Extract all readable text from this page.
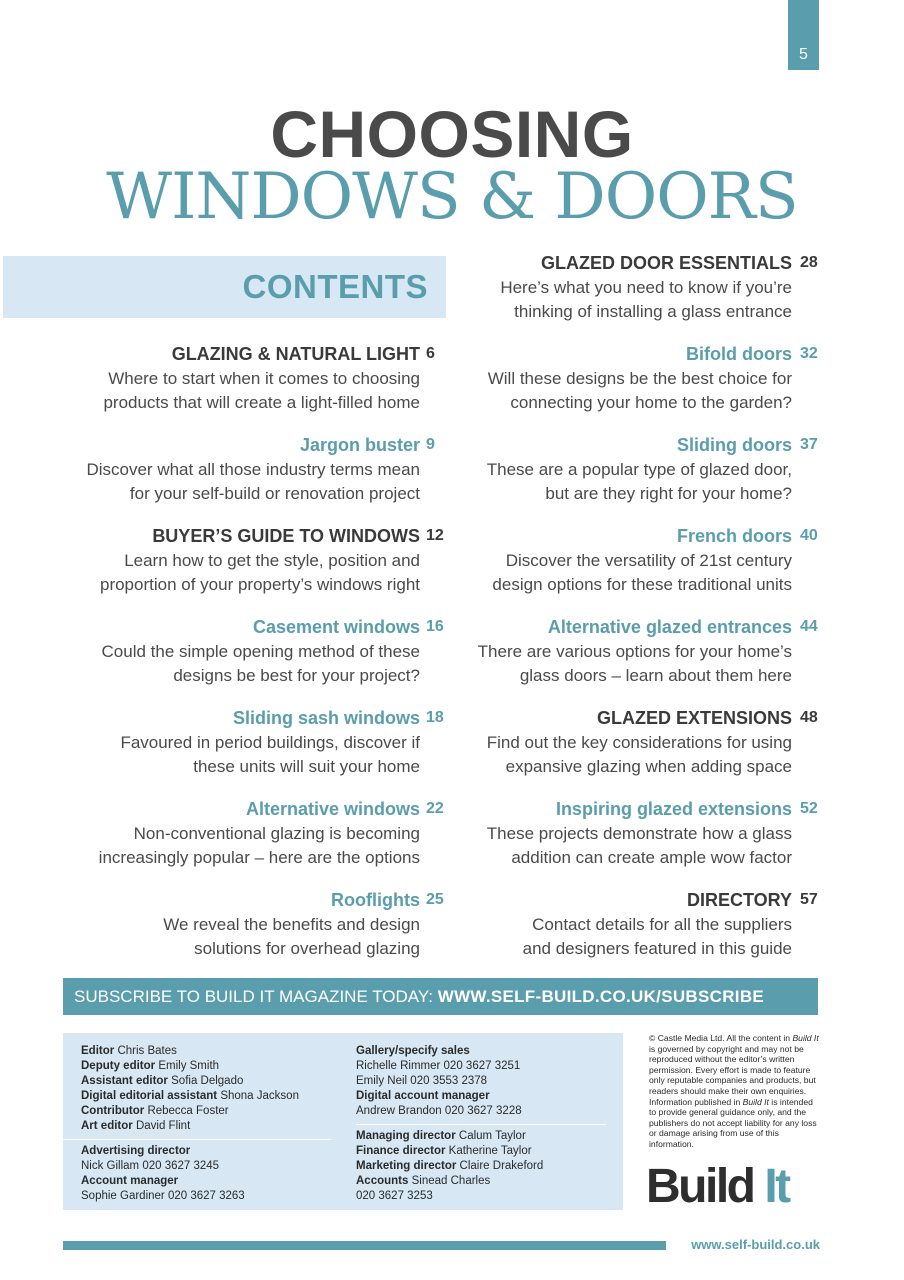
5
CHOOSING
WINDOWS & DOORS
CONTENTS
GLAZING & NATURAL LIGHT
Where to start when it comes to choosing
products that will create a light-filled home
6
Jargon buster
Discover what all those industry terms mean
for your self-build or renovation project
9
BUYER’S GUIDE TO WINDOWS
Learn how to get the style, position and
proportion of your property’s windows right
12
Casement windows
Could the simple opening method of these
designs be best for your project?
16
Sliding sash windows
Favoured in period buildings, discover if
these units will suit your home
18
Alternative windows
Non-conventional glazing is becoming
increasingly popular – here are the options
22
Rooflights
We reveal the benefits and design
solutions for overhead glazing
25
GLAZED DOOR ESSENTIALS
Here’s what you need to know if you’re
thinking of installing a glass entrance
28
Bifold doors
Will these designs be the best choice for
connecting your home to the garden?
32
Sliding doors
These are a popular type of glazed door,
but are they right for your home?
37
French doors
Discover the versatility of 21st century
design options for these traditional units
40
Alternative glazed entrances
There are various options for your home’s
glass doors – learn about them here
44
GLAZED EXTENSIONS
Find out the key considerations for using
expansive glazing when adding space
48
Inspiring glazed extensions
These projects demonstrate how a glass
addition can create ample wow factor
52
DIRECTORY
Contact details for all the suppliers
and designers featured in this guide
57
SUBSCRIBE TO BUILD IT MAGAZINE TODAY: WWW.SELF-BUILD.CO.UK/SUBSCRIBE
Editor Chris Bates
Deputy editor Emily Smith
Assistant editor Sofia Delgado
Digital editorial assistant Shona Jackson
Contributor Rebecca Foster
Art editor David Flint
Advertising director
Nick Gillam 020 3627 3245
Account manager
Sophie Gardiner 020 3627 3263
Gallery/specify sales
Richelle Rimmer 020 3627 3251
Emily Neil 020 3553 2378
Digital account manager
Andrew Brandon 020 3627 3228
Managing director Calum Taylor
Finance director Katherine Taylor
Marketing director Claire Drakeford
Accounts Sinead Charles
020 3627 3253
© Castle Media Ltd. All the content in Build It is governed by copyright and may not be reproduced without the editor’s written permission. Every effort is made to feature only reputable companies and products, but readers should make their own enquiries. Information published in Build It is intended to provide general guidance only, and the publishers do not accept liability for any loss or damage arising from use of this information.
Build It
www.self-build.co.uk
